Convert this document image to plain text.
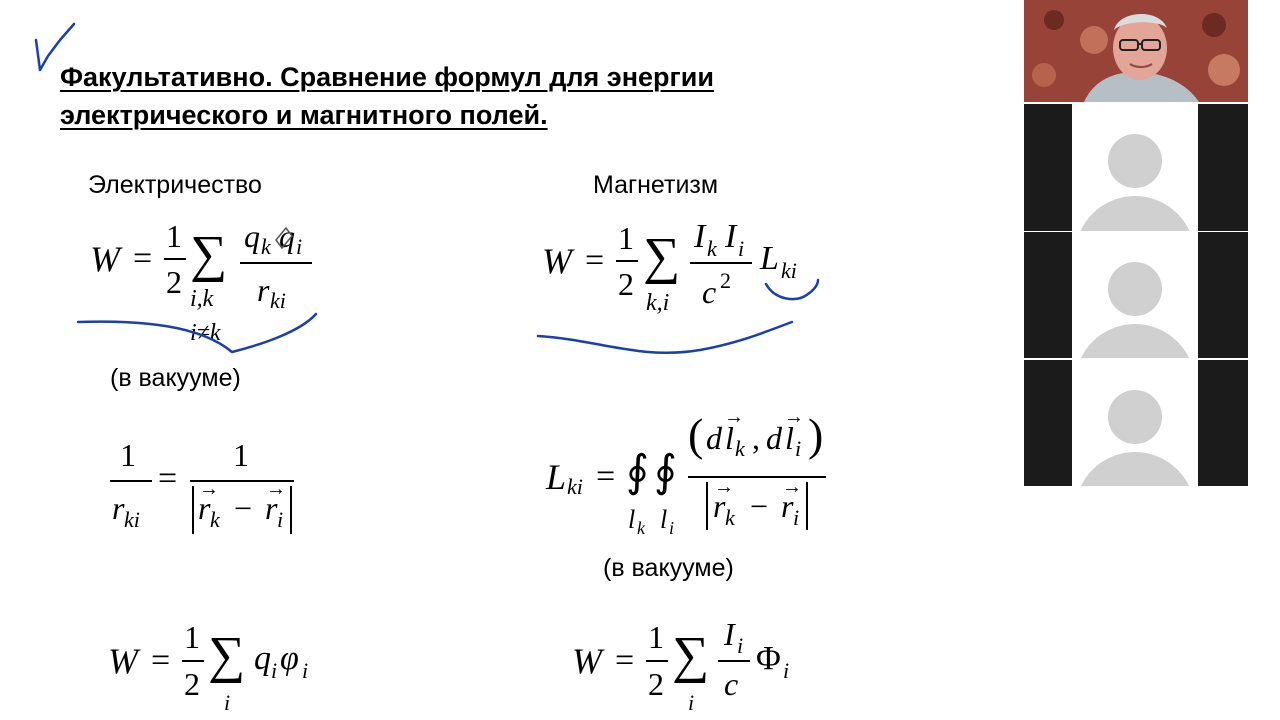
Факультативно. Сравнение формул для энергии
электрического и магнитного полей.
Электричество	Магнетизм
W =
1
2 ∑
i,k
i≠k
q k q i
r ki
W =
1
2 ∑
k,i
I k I i
c 2
L ki
(в вакууме)
1
r ki
=
1
→
r k −
→
r i
L ki = ∮ ∮
l k l i
( d l
→
k , d l
→
i )
→
r k −
→
r i
(в вакууме)
W =
1
2 ∑
i
q i φ i	W =
1
2 ∑
i
I i
c
Φ i
